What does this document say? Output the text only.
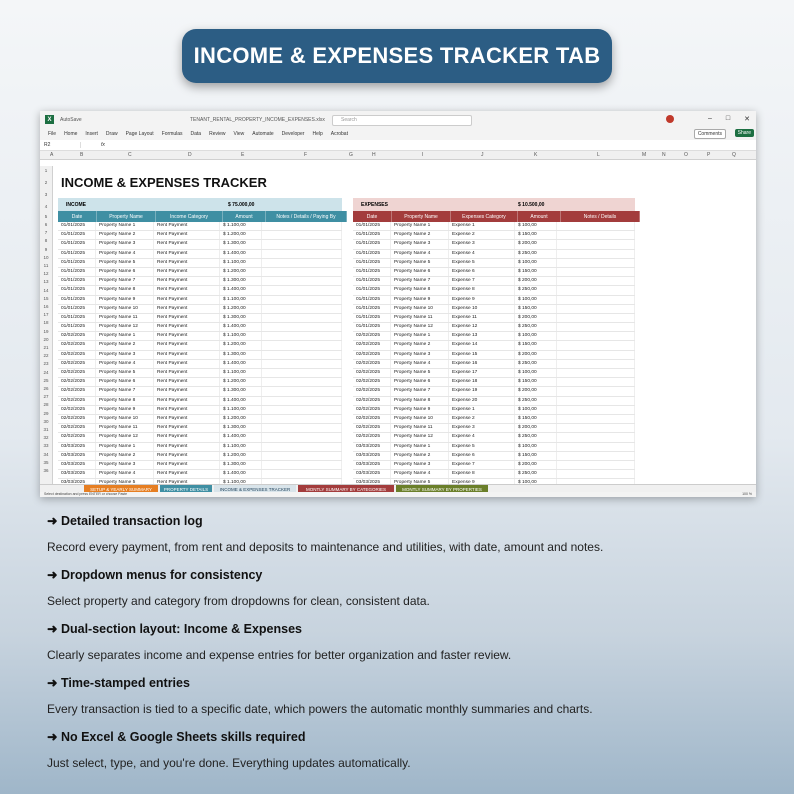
INCOME & EXPENSES TRACKER TAB
X	AutoSave	TENANT_RENTAL_PROPERTY_INCOME_EXPENSES.xlsx	Search	– □ ✕
File Home Insert Draw Page Layout Formulas Data Review View Automate Developer Help Acrobat	Comments	Share
R2	fx
A	B	C	D	E	F	G	H	I	J	K	L	M	N	O	P	Q
1
2
3
4
5
6
7
8
9
10
11
12
13
14
15
16
17
18
19
20
21
22
23
24
25
26
27
28
29
30
31
32
33
34
35
36
INCOME & EXPENSES TRACKER
INCOME	$ 75.000,00	EXPENSES	$ 10.500,00
Date	Property Name	Income Category	Amount	Notes / Details / Paying By	Date	Property Name	Expenses Category	Amount	Notes / Details
01/01/2025	Property Name 1	Rent Payment	$ 1.100,00
01/01/2025	Property Name 2	Rent Payment	$ 1.200,00
01/01/2025	Property Name 3	Rent Payment	$ 1.300,00
01/01/2025	Property Name 4	Rent Payment	$ 1.400,00
01/01/2025	Property Name 5	Rent Payment	$ 1.100,00
01/01/2025	Property Name 6	Rent Payment	$ 1.200,00
01/01/2025	Property Name 7	Rent Payment	$ 1.300,00
01/01/2025	Property Name 8	Rent Payment	$ 1.400,00
01/01/2025	Property Name 9	Rent Payment	$ 1.100,00
01/01/2025	Property Name 10	Rent Payment	$ 1.200,00
01/01/2025	Property Name 11	Rent Payment	$ 1.300,00
01/01/2025	Property Name 12	Rent Payment	$ 1.400,00
02/02/2025	Property Name 1	Rent Payment	$ 1.100,00
02/02/2025	Property Name 2	Rent Payment	$ 1.200,00
02/02/2025	Property Name 3	Rent Payment	$ 1.300,00
02/02/2025	Property Name 4	Rent Payment	$ 1.400,00
02/02/2025	Property Name 5	Rent Payment	$ 1.100,00
02/02/2025	Property Name 6	Rent Payment	$ 1.200,00
02/02/2025	Property Name 7	Rent Payment	$ 1.300,00
02/02/2025	Property Name 8	Rent Payment	$ 1.400,00
02/02/2025	Property Name 9	Rent Payment	$ 1.100,00
02/02/2025	Property Name 10	Rent Payment	$ 1.200,00
02/02/2025	Property Name 11	Rent Payment	$ 1.300,00
02/02/2025	Property Name 12	Rent Payment	$ 1.400,00
03/03/2025	Property Name 1	Rent Payment	$ 1.100,00
03/03/2025	Property Name 2	Rent Payment	$ 1.200,00
03/03/2025	Property Name 3	Rent Payment	$ 1.300,00
03/03/2025	Property Name 4	Rent Payment	$ 1.400,00
03/03/2025	Property Name 5	Rent Payment	$ 1.100,00
01/01/2025	Property Name 1	Expense 1	$ 100,00
01/01/2025	Property Name 2	Expense 2	$ 150,00
01/01/2025	Property Name 3	Expense 3	$ 200,00
01/01/2025	Property Name 4	Expense 4	$ 250,00
01/01/2025	Property Name 5	Expense 5	$ 100,00
01/01/2025	Property Name 6	Expense 6	$ 150,00
01/01/2025	Property Name 7	Expense 7	$ 200,00
01/01/2025	Property Name 8	Expense 8	$ 250,00
01/01/2025	Property Name 9	Expense 9	$ 100,00
01/01/2025	Property Name 10	Expense 10	$ 150,00
01/01/2025	Property Name 11	Expense 11	$ 200,00
01/01/2025	Property Name 12	Expense 12	$ 250,00
02/02/2025	Property Name 1	Expense 13	$ 100,00
02/02/2025	Property Name 2	Expense 14	$ 150,00
02/02/2025	Property Name 3	Expense 15	$ 200,00
02/02/2025	Property Name 4	Expense 16	$ 250,00
02/02/2025	Property Name 5	Expense 17	$ 100,00
02/02/2025	Property Name 6	Expense 18	$ 150,00
02/02/2025	Property Name 7	Expense 19	$ 200,00
02/02/2025	Property Name 8	Expense 20	$ 250,00
02/02/2025	Property Name 9	Expense 1	$ 100,00
02/02/2025	Property Name 10	Expense 2	$ 150,00
02/02/2025	Property Name 11	Expense 3	$ 200,00
02/02/2025	Property Name 12	Expense 4	$ 250,00
03/03/2025	Property Name 1	Expense 5	$ 100,00
03/03/2025	Property Name 2	Expense 6	$ 150,00
03/03/2025	Property Name 3	Expense 7	$ 200,00
03/03/2025	Property Name 4	Expense 8	$ 250,00
03/03/2025	Property Name 5	Expense 9	$ 100,00
SETUP & YEARLY SUMMARY	PROPERTY DETAILS	INCOME & EXPENSES TRACKER	MONTLY SUMMARY BY CATEGORIES	MONTLY SUMMARY BY PROPERTIES
Select destination and press ENTER or choose Paste	100 %
➜ Detailed transaction log

Record every payment, from rent and deposits to maintenance and utilities, with date, amount and notes.

➜ Dropdown menus for consistency

Select property and category from dropdowns for clean, consistent data.

➜ Dual-section layout: Income & Expenses

Clearly separates income and expense entries for better organization and faster review.

➜ Time-stamped entries

Every transaction is tied to a specific date, which powers the automatic monthly summaries and charts.

➜ No Excel & Google Sheets skills required

Just select, type, and you're done. Everything updates automatically.
